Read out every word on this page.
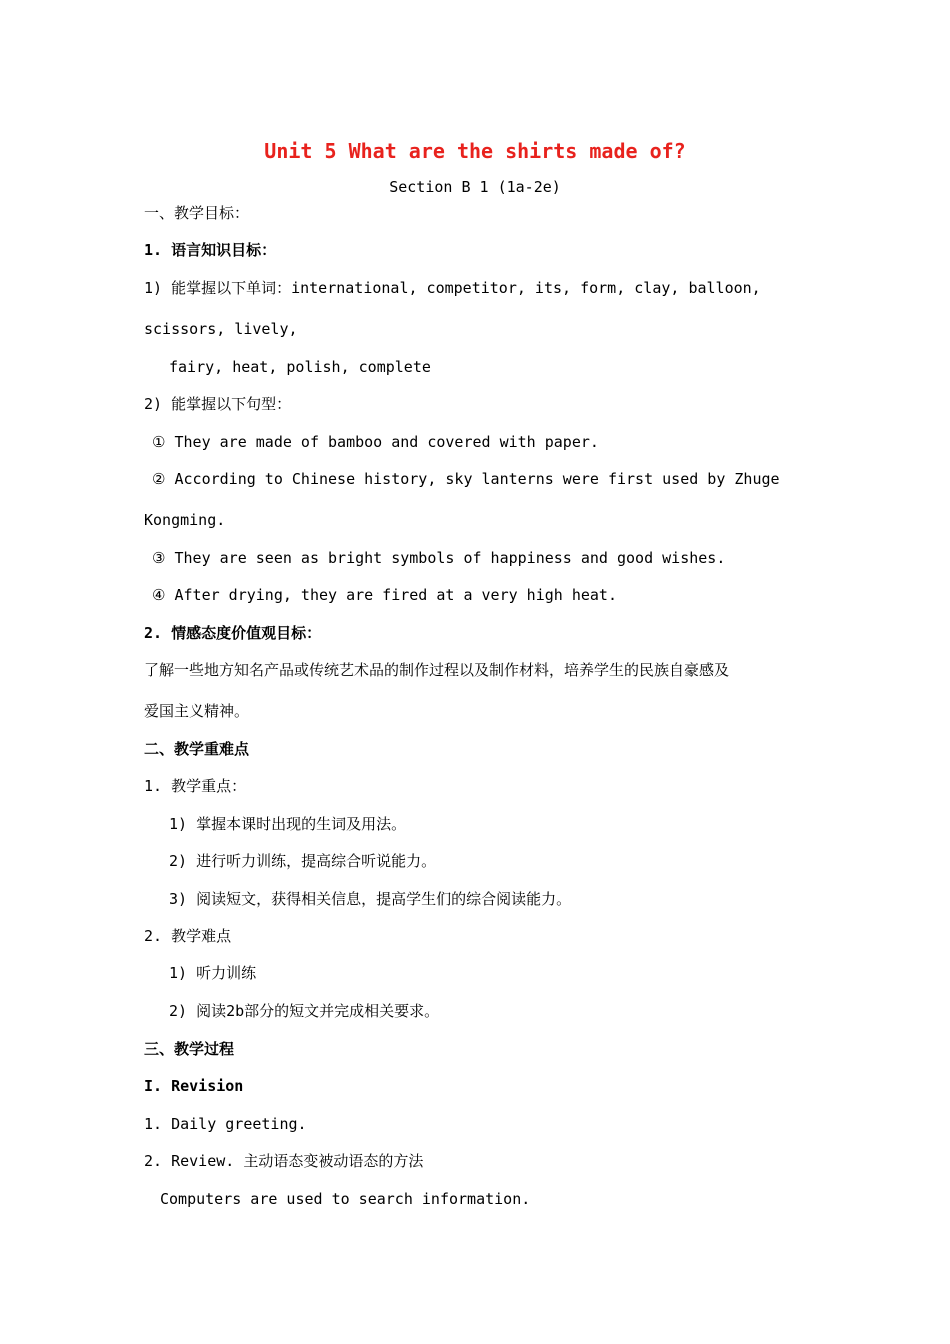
Unit 5 What are the shirts made of?
Section B 1 (1a-2e)
一、教学目标：
1. 语言知识目标：
1) 能掌握以下单词：international, competitor, its, form, clay, balloon,
scissors, lively,
fairy, heat, polish, complete
2) 能掌握以下句型：
① They are made of bamboo and covered with paper.
② According to Chinese history, sky lanterns were first used by Zhuge
Kongming.
③ They are seen as bright symbols of happiness and good wishes.
④ After drying, they are fired at a very high heat.
2. 情感态度价值观目标：
了解一些地方知名产品或传统艺术品的制作过程以及制作材料，培养学生的民族自豪感及
爱国主义精神。
二、教学重难点
1. 教学重点：
1) 掌握本课时出现的生词及用法。
2) 进行听力训练，提高综合听说能力。
3) 阅读短文，获得相关信息，提高学生们的综合阅读能力。
2. 教学难点
1) 听力训练
2) 阅读2b部分的短文并完成相关要求。
三、教学过程
I. Revision
1. Daily greeting.
2. Review. 主动语态变被动语态的方法
Computers are used to search information.
